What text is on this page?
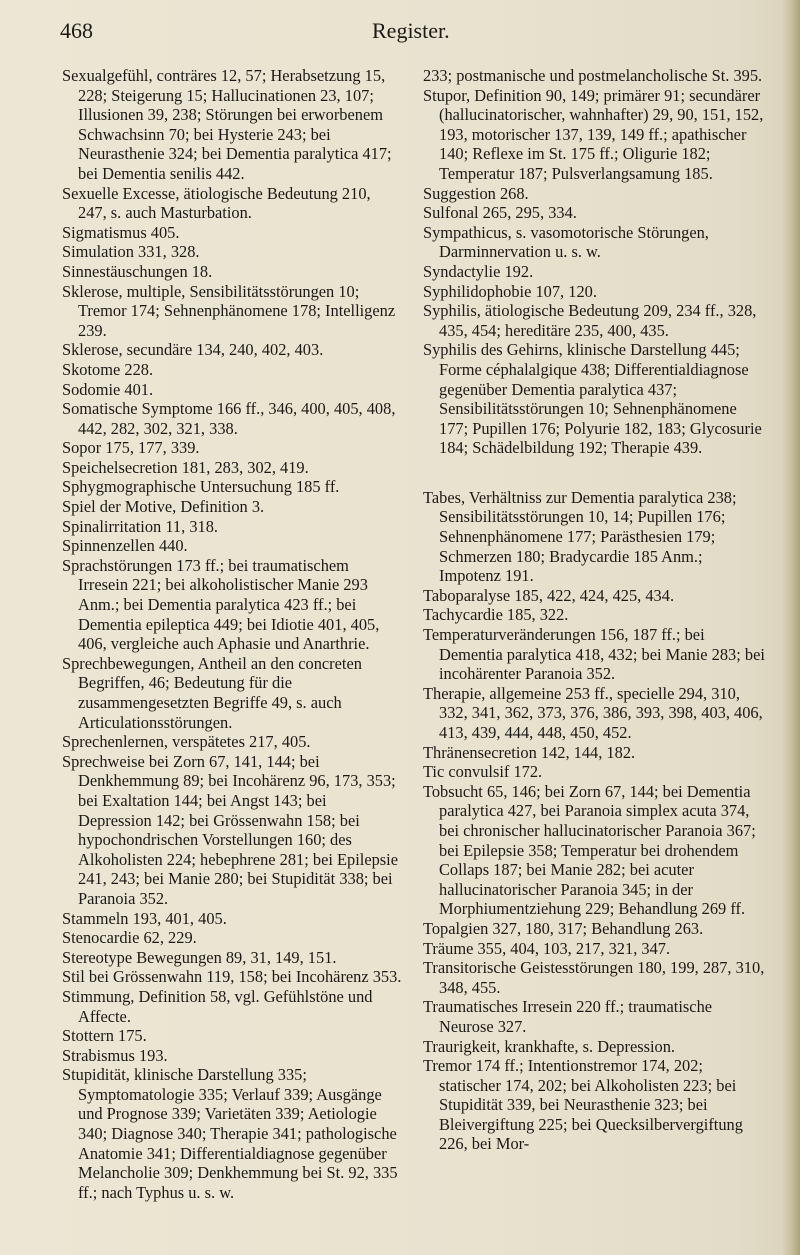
468	Register.

Sexualgefühl, conträres 12, 57; Herabsetzung 15, 228; Steigerung 15; Hallucinationen 23, 107; Illusionen 39, 238; Störungen bei erworbenem Schwachsinn 70; bei Hysterie 243; bei Neurasthenie 324; bei Dementia paralytica 417; bei Dementia senilis 442.

Sexuelle Excesse, ätiologische Bedeutung 210, 247, s. auch Masturbation.

Sigmatismus 405.

Simulation 331, 328.

Sinnestäuschungen 18.

Sklerose, multiple, Sensibilitätsstörungen 10; Tremor 174; Sehnenphänomene 178; Intelligenz 239.

Sklerose, secundäre 134, 240, 402, 403.

Skotome 228.

Sodomie 401.

Somatische Symptome 166 ff., 346, 400, 405, 408, 442, 282, 302, 321, 338.

Sopor 175, 177, 339.

Speichelsecretion 181, 283, 302, 419.

Sphygmographische Untersuchung 185 ff.

Spiel der Motive, Definition 3.

Spinalirritation 11, 318.

Spinnenzellen 440.

Sprachstörungen 173 ff.; bei traumatischem Irresein 221; bei alkoholistischer Manie 293 Anm.; bei Dementia paralytica 423 ff.; bei Dementia epileptica 449; bei Idiotie 401, 405, 406, vergleiche auch Aphasie und Anarthrie.

Sprechbewegungen, Antheil an den concreten Begriffen, 46; Bedeutung für die zusammengesetzten Begriffe 49, s. auch Articulationsstörungen.

Sprechenlernen, verspätetes 217, 405.

Sprechweise bei Zorn 67, 141, 144; bei Denkhemmung 89; bei Incohärenz 96, 173, 353; bei Exaltation 144; bei Angst 143; bei Depression 142; bei Grössenwahn 158; bei hypochondrischen Vorstellungen 160; des Alkoholisten 224; hebephrene 281; bei Epilepsie 241, 243; bei Manie 280; bei Stupidität 338; bei Paranoia 352.

Stammeln 193, 401, 405.

Stenocardie 62, 229.

Stereotype Bewegungen 89, 31, 149, 151.

Stil bei Grössenwahn 119, 158; bei Incohärenz 353.

Stimmung, Definition 58, vgl. Gefühlstöne und Affecte.

Stottern 175.

Strabismus 193.

Stupidität, klinische Darstellung 335; Symptomatologie 335; Verlauf 339; Ausgänge und Prognose 339; Varietäten 339; Aetiologie 340; Diagnose 340; Therapie 341; pathologische Anatomie 341; Differentialdiagnose gegenüber Melancholie 309; Denkhemmung bei St. 92, 335 ff.; nach Typhus u. s. w.

233; postmanische und postmelancholische St. 395.

Stupor, Definition 90, 149; primärer 91; secundärer (hallucinatorischer, wahnhafter) 29, 90, 151, 152, 193, motorischer 137, 139, 149 ff.; apathischer 140; Reflexe im St. 175 ff.; Oligurie 182; Temperatur 187; Pulsverlangsamung 185.

Suggestion 268.

Sulfonal 265, 295, 334.

Sympathicus, s. vasomotorische Störungen, Darminnervation u. s. w.

Syndactylie 192.

Syphilidophobie 107, 120.

Syphilis, ätiologische Bedeutung 209, 234 ff., 328, 435, 454; hereditäre 235, 400, 435.

Syphilis des Gehirns, klinische Darstellung 445; Forme céphalalgique 438; Differentialdiagnose gegenüber Dementia paralytica 437; Sensibilitätsstörungen 10; Sehnenphänomene 177; Pupillen 176; Polyurie 182, 183; Glycosurie 184; Schädelbildung 192; Therapie 439.

Tabes, Verhältniss zur Dementia paralytica 238; Sensibilitätsstörungen 10, 14; Pupillen 176; Sehnenphänomene 177; Parästhesien 179; Schmerzen 180; Bradycardie 185 Anm.; Impotenz 191.

Taboparalyse 185, 422, 424, 425, 434.

Tachycardie 185, 322.

Temperaturveränderungen 156, 187 ff.; bei Dementia paralytica 418, 432; bei Manie 283; bei incohärenter Paranoia 352.

Therapie, allgemeine 253 ff., specielle 294, 310, 332, 341, 362, 373, 376, 386, 393, 398, 403, 406, 413, 439, 444, 448, 450, 452.

Thränensecretion 142, 144, 182.

Tic convulsif 172.

Tobsucht 65, 146; bei Zorn 67, 144; bei Dementia paralytica 427, bei Paranoia simplex acuta 374, bei chronischer hallucinatorischer Paranoia 367; bei Epilepsie 358; Temperatur bei drohendem Collaps 187; bei Manie 282; bei acuter hallucinatorischer Paranoia 345; in der Morphiumentziehung 229; Behandlung 269 ff.

Topalgien 327, 180, 317; Behandlung 263.

Träume 355, 404, 103, 217, 321, 347.

Transitorische Geistesstörungen 180, 199, 287, 310, 348, 455.

Traumatisches Irresein 220 ff.; traumatische Neurose 327.

Traurigkeit, krankhafte, s. Depression.

Tremor 174 ff.; Intentionstremor 174, 202; statischer 174, 202; bei Alkoholisten 223; bei Stupidität 339, bei Neurasthenie 323; bei Bleivergiftung 225; bei Quecksilbervergiftung 226, bei Mor-
